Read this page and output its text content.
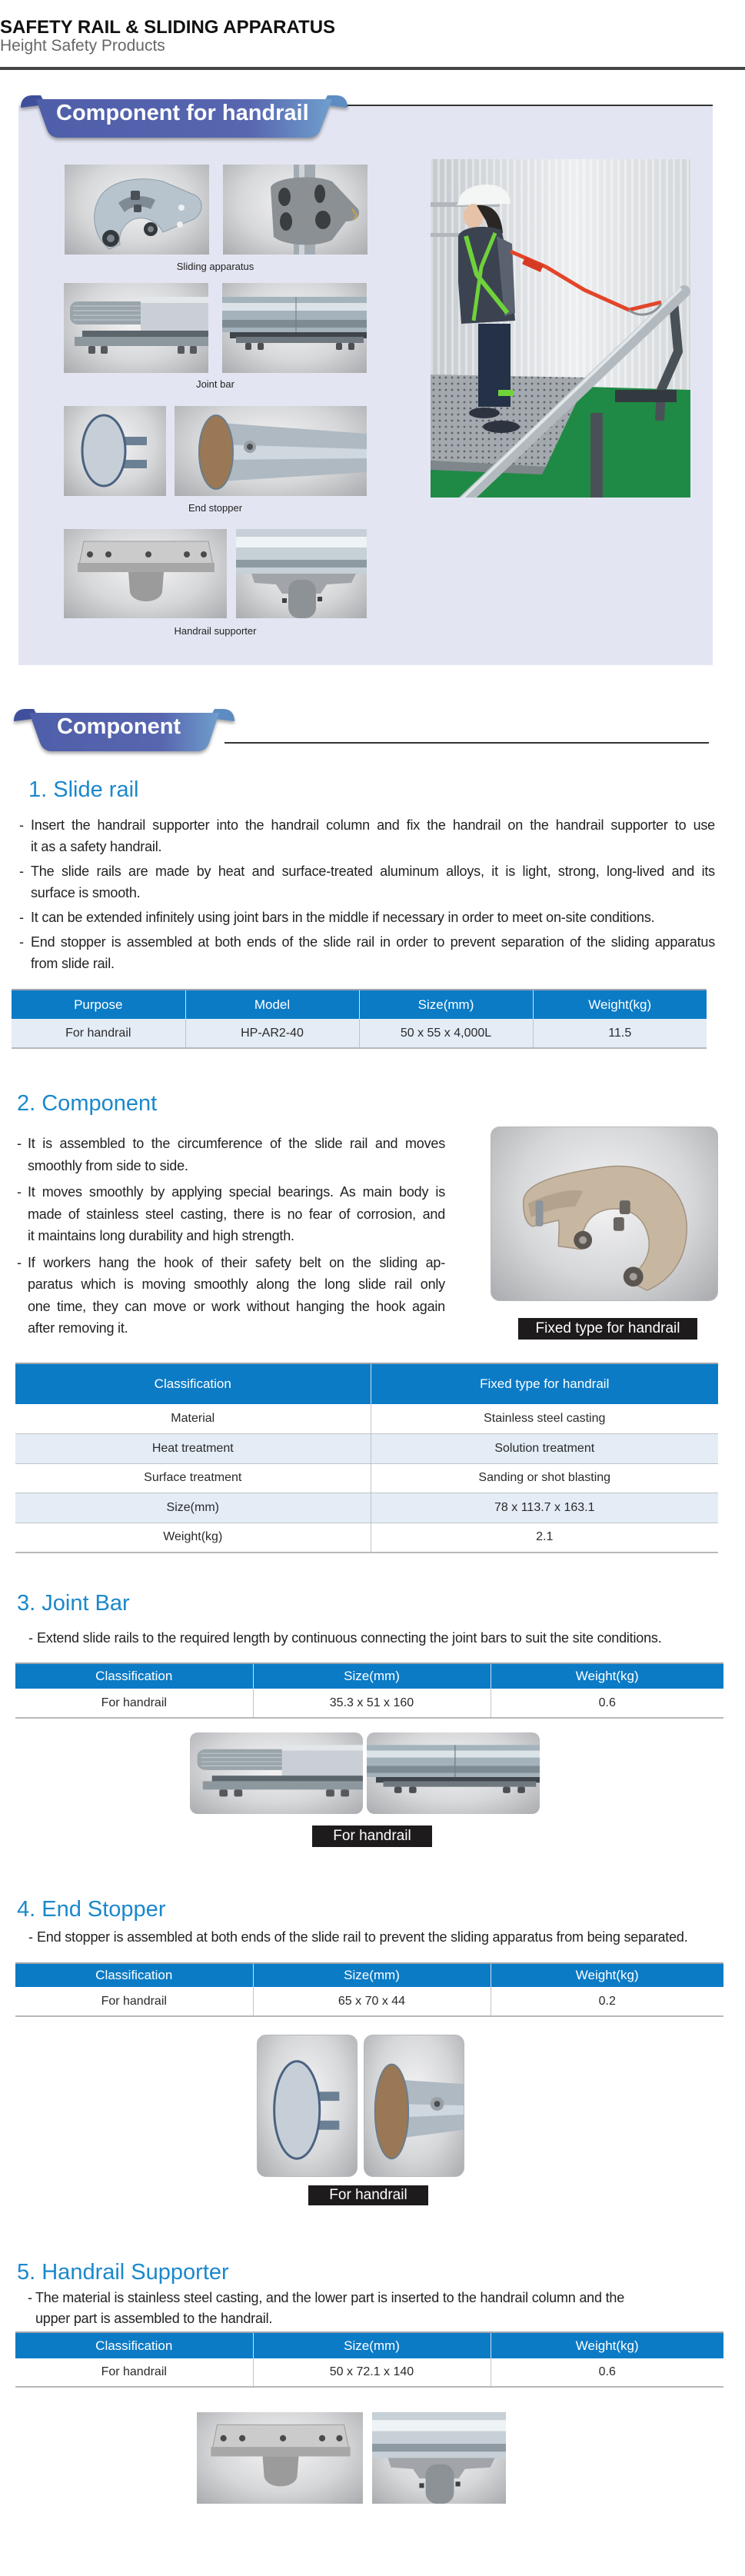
SAFETY RAIL & SLIDING APPARATUS
Height Safety Products
Component for handrail
Sliding apparatus
Joint bar
End stopper
Handrail supporter
Component
1. Slide rail
- Insert the handrail supporter into the handrail column and fix the handrail on the handrail supporter to use
it as a safety handrail.
- The slide rails are made by heat and surface-treated aluminum alloys, it is light, strong, long-lived and its
surface is smooth.
- It can be extended infinitely using joint bars in the middle if necessary in order to meet on-site conditions.
- End stopper is assembled at both ends of the slide rail in order to prevent separation of the sliding apparatus
from slide rail.
Purpose	Model	Size(mm)	Weight(kg)
For handrail	HP-AR2-40	50 x 55 x 4,000L	11.5
2. Component
- It is assembled to the circumference of the slide rail and moves
smoothly from side to side.
- It moves smoothly by applying special bearings. As main body is
made of stainless steel casting, there is no fear of corrosion, and
it maintains long durability and high strength.
- If workers hang the hook of their safety belt on the sliding ap-
paratus which is moving smoothly along the long slide rail only
one time, they can move or work without hanging the hook again
after removing it.	Fixed type for handrail
Classification	Fixed type for handrail
Material	Stainless steel casting
Heat treatment	Solution treatment
Surface treatment	Sanding or shot blasting
Size(mm)	78 x 113.7 x 163.1
Weight(kg)	2.1
3. Joint Bar
- Extend slide rails to the required length by continuous connecting the joint bars to suit the site conditions.
Classification	Size(mm)	Weight(kg)
For handrail	35.3 x 51 x 160	0.6
For handrail
4. End Stopper
- End stopper is assembled at both ends of the slide rail to prevent the sliding apparatus from being separated.
Classification	Size(mm)	Weight(kg)
For handrail	65 x 70 x 44	0.2
For handrail
5. Handrail Supporter
- The material is stainless steel casting, and the lower part is inserted to the handrail column and the
upper part is assembled to the handrail.
Classification	Size(mm)	Weight(kg)
For handrail	50 x 72.1 x 140	0.6
